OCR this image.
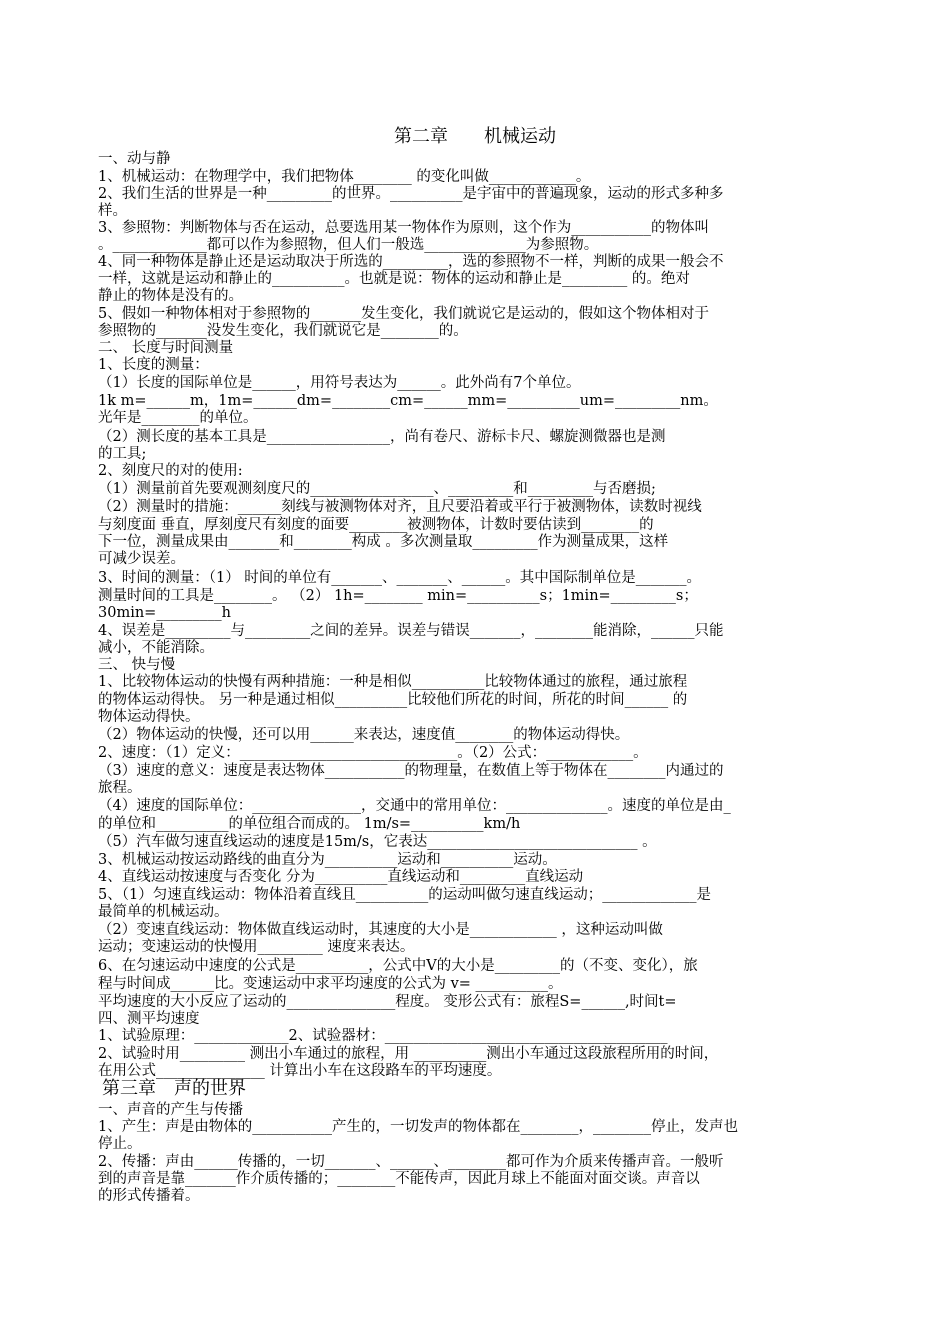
第二章　　机械运动
一、动与静
1、机械运动：在物理学中，我们把物体________ 的变化叫做____________。
2、我们生活的世界是一种_________的世界。__________是宇宙中的普遍现象，运动的形式多种多
样。
3、参照物：判断物体与否在运动，总要选用某一物体作为原则，这个作为___________的物体叫
。_____________都可以作为参照物，但人们一般选______________为参照物。
4、同一种物体是静止还是运动取决于所选的_________，选的参照物不一样，判断的成果一般会不
一样，这就是运动和静止的__________。也就是说：物体的运动和静止是_________ 的。绝对
静止的物体是没有的。
5、假如一种物体相对于参照物的_______发生变化，我们就说它是运动的，假如这个物体相对于
参照物的_______没发生变化，我们就说它是________的。
二、 长度与时间测量
1、长度的测量：
（1）长度的国际单位是______，用符号表达为______。此外尚有7个单位。
1k m=______m，1m=______dm=________cm=______mm=__________um=_________nm。
光年是________的单位。
（2）测长度的基本工具是_________________，尚有卷尺、游标卡尺、螺旋测微器也是测
的工具;
2、刻度尺的对的使用:
（1）测量前首先要观测刻度尺的_________________、_________和_________与否磨损;
（2）测量时的措施：______刻线与被测物体对齐，且尺要沿着或平行于被测物体，读数时视线
与刻度面 垂直，厚刻度尺有刻度的面要________被测物体，计数时要估读到________的
下一位，测量成果由_______和________构成 。多次测量取_________作为测量成果，这样
可减少误差。
3、时间的测量：（1） 时间的单位有_______、_______、______。其中国际制单位是_______。
测量时间的工具是________。 （2） 1h=________ min=__________s；1min=_________s；
30min=_________h
4、误差是_________与_________之间的差异。误差与错误_______，________能消除，______只能
减小，不能消除。
三、 快与慢
1、比较物体运动的快慢有两种措施：一种是相似__________比较物体通过的旅程，通过旅程
的物体运动得快。 另一种是通过相似__________比较他们所花的时间，所花的时间______ 的
物体运动得快。
（2）物体运动的快慢，还可以用______来表达，速度值________的物体运动得快。
2、速度：（1）定义：______________________________。（2）公式：____________。
（3）速度的意义：速度是表达物体___________的物理量，在数值上等于物体在________内通过的
旅程。
（4）速度的国际单位：_______________，交通中的常用单位：______________。速度的单位是由_
的单位和__________的单位组合而成的。 1m/s=__________km/h
（5）汽车做匀速直线运动的速度是15m/s，它表达_____________________________ 。
3、机械运动按运动路线的曲直分为__________运动和__________运动。
4、直线运动按速度与否变化 分为__________直线运动和_________直线运动
5、（1）匀速直线运动：物体沿着直线且__________的运动叫做匀速直线运动；_____________是
最简单的机械运动。
（2）变速直线运动：物体做直线运动时，其速度的大小是____________ ，这种运动叫做
运动；变速运动的快慢用_________ 速度来表达。
6、在匀速运动中速度的公式是__________，公式中V的大小是_________的（不变、变化），旅
程与时间成______比。变速运动中求平均速度的公式为 v= __________。
平均速度的大小反应了运动的_______________程度。 变形公式有：旅程S=______,时间t=
四、测平均速度
1、试验原理：_____________2、试验器材：_______________________________________
2、试验时用_________ 测出小车通过的旅程，用 __________测出小车通过这段旅程所用的时间，
在用公式_______________ 计算出小车在这段路车的平均速度。
第三章　声的世界
一、声音的产生与传播
1、产生：声是由物体的___________产生的，一切发声的物体都在________，________停止，发声也
停止。
2、传播：声由______传播的，一切_______、______、________都可作为介质来传播声音。一般听
到的声音是靠_______作介质传播的；________不能传声，因此月球上不能面对面交谈。声音以
的形式传播着。
